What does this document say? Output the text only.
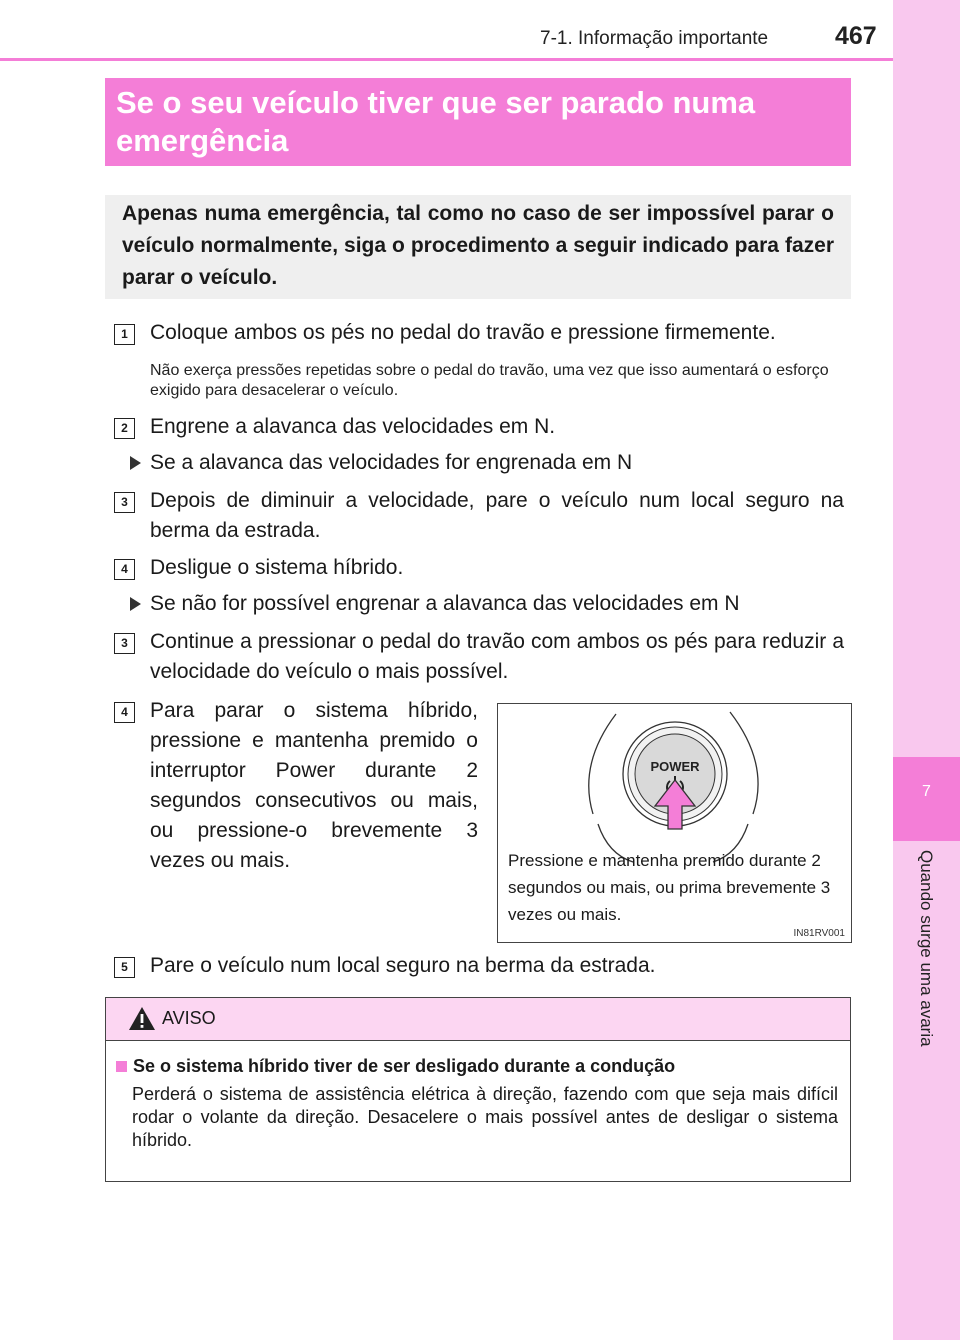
7
Quando surge uma avaria
7-1. Informação importante	467
Se o seu veículo tiver que ser parado numa emergência
Apenas numa emergência, tal como no caso de ser impossível parar o veículo normalmente, siga o procedimento a seguir indicado para fazer parar o veículo.
1	Coloque ambos os pés no pedal do travão e pressione firmemente.
Não exerça pressões repetidas sobre o pedal do travão, uma vez que isso aumentará o esforço exigido para desacelerar o veículo.
2	Engrene a alavanca das velocidades em N.
Se a alavanca das velocidades for engrenada em N
3	Depois de diminuir a velocidade, pare o veículo num local seguro na berma da estrada.
4	Desligue o sistema híbrido.
Se não for possível engrenar a alavanca das velocidades em N
3	Continue a pressionar o pedal do travão com ambos os pés para reduzir a velocidade do veículo o mais possível.
4	Para parar o sistema híbrido, pressione e mantenha premido o interruptor Power durante 2 segundos consecutivos ou mais, ou pressione-o brevemente 3 vezes ou mais.
POWER
Pressione e mantenha premido durante 2 segundos ou mais, ou prima brevemente 3 vezes ou mais.
IN81RV001
5	Pare o veículo num local seguro na berma da estrada.
AVISO
Se o sistema híbrido tiver de ser desligado durante a condução
Perderá o sistema de assistência elétrica à direção, fazendo com que seja mais difícil rodar o volante da direção. Desacelere o mais possível antes de desligar o sistema híbrido.
